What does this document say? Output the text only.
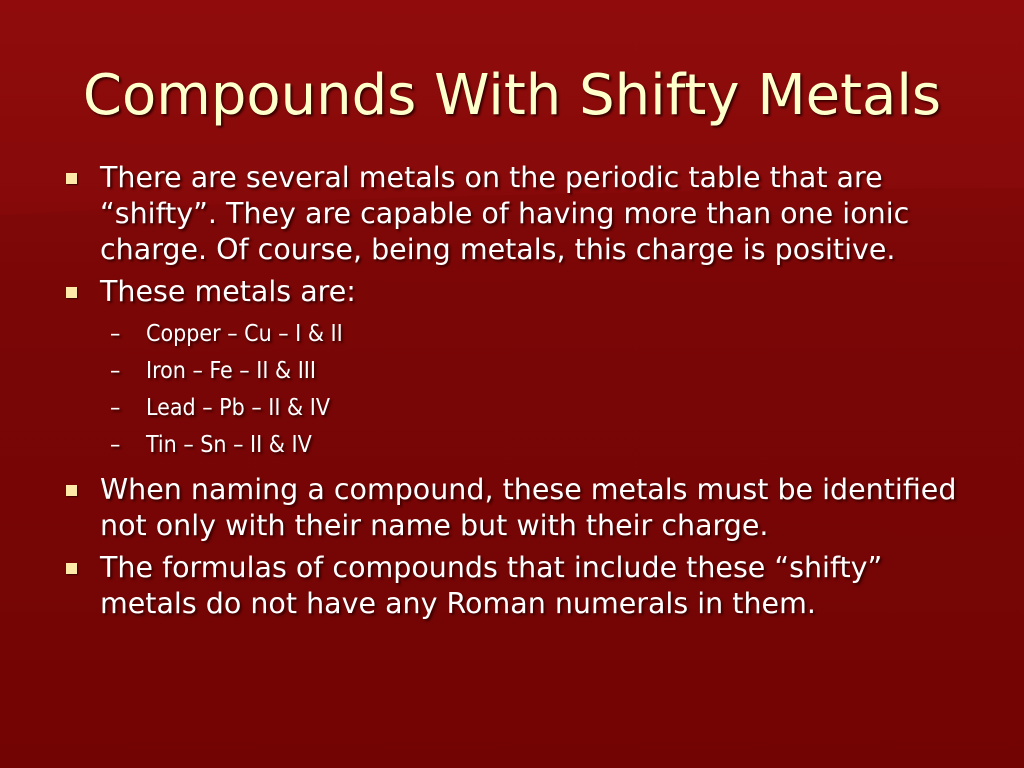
Compounds With Shifty Metals
There are several metals on the periodic table that are “shifty”. They are capable of having more than one ionic charge. Of course, being metals, this charge is positive.
These metals are:
– Copper – Cu – I & II
– Iron – Fe – II & III
– Lead – Pb – II & IV
– Tin – Sn – II & IV
When naming a compound, these metals must be identified not only with their name but with their charge.
The formulas of compounds that include these “shifty” metals do not have any Roman numerals in them.
